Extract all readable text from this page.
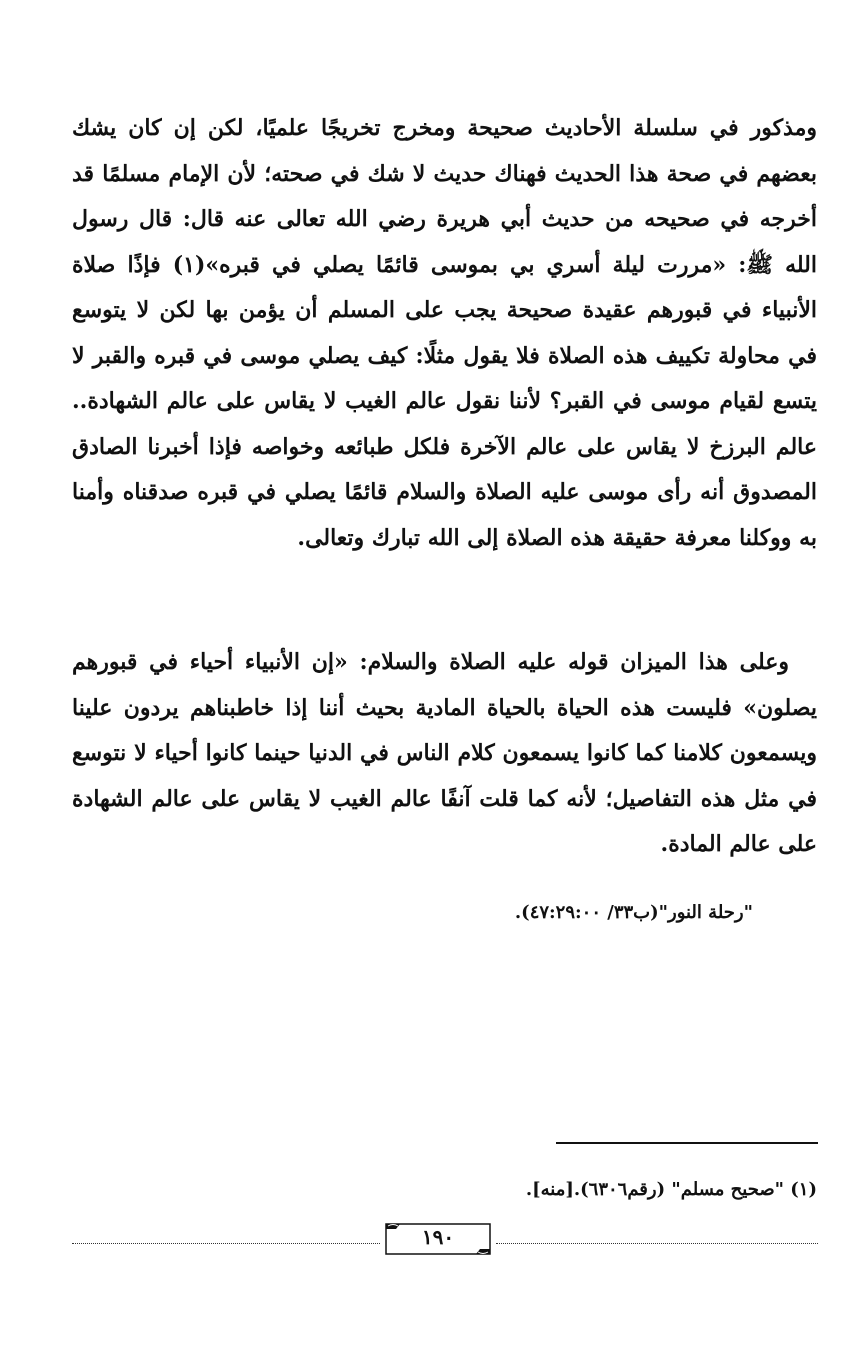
ومذكور في سلسلة الأحاديث صحيحة ومخرج تخريجًا علميًا، لكن إن كان يشك بعضهم في صحة هذا الحديث فهناك حديث لا شك في صحته؛ لأن الإمام مسلمًا قد أخرجه في صحيحه من حديث أبي هريرة رضي الله تعالى عنه قال: قال رسول الله ﷺ: «مررت ليلة أسري بي بموسى قائمًا يصلي في قبره»(١) فإذًا صلاة الأنبياء في قبورهم عقيدة صحيحة يجب على المسلم أن يؤمن بها لكن لا يتوسع في محاولة تكييف هذه الصلاة فلا يقول مثلًا: كيف يصلي موسى في قبره والقبر لا يتسع لقيام موسى في القبر؟ لأننا نقول عالم الغيب لا يقاس على عالم الشهادة.. عالم البرزخ لا يقاس على عالم الآخرة فلكل طبائعه وخواصه فإذا أخبرنا الصادق المصدوق أنه رأى موسى عليه الصلاة والسلام قائمًا يصلي في قبره صدقناه وأمنا به ووكلنا معرفة حقيقة هذه الصلاة إلى الله تبارك وتعالى.

وعلى هذا الميزان قوله عليه الصلاة والسلام: «إن الأنبياء أحياء في قبورهم يصلون» فليست هذه الحياة بالحياة المادية بحيث أننا إذا خاطبناهم يردون علينا ويسمعون كلامنا كما كانوا يسمعون كلام الناس في الدنيا حينما كانوا أحياء لا نتوسع في مثل هذه التفاصيل؛ لأنه كما قلت آنفًا عالم الغيب لا يقاس على عالم الشهادة على عالم المادة.

"رحلة النور"(ب٣٣/ ٤٧:٢٩:٠٠).
(١) "صحيح مسلم" (رقم٦٣٠٦).[منه].
١٩٠
